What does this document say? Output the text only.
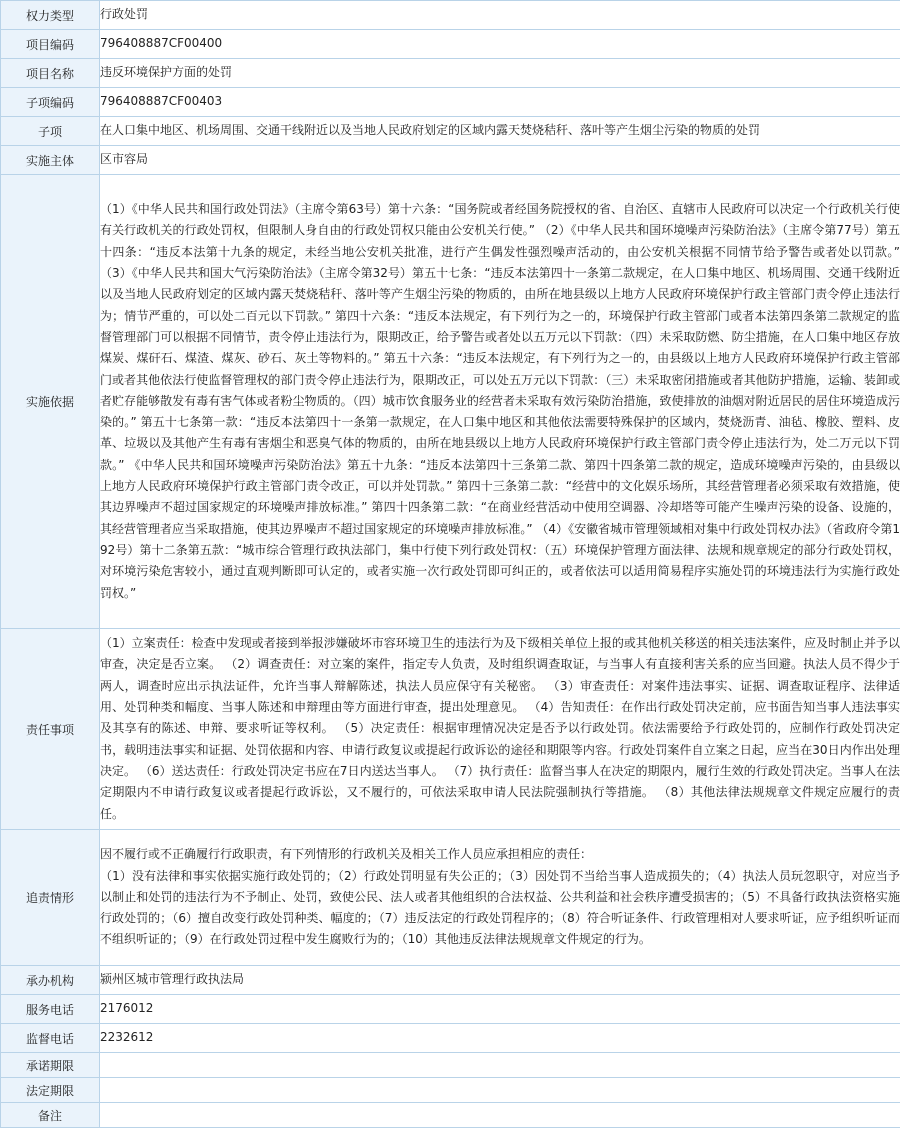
权力类型	行政处罚
项目编码	796408887CF00400
项目名称	违反环境保护方面的处罚
子项编码	796408887CF00403
子项	在人口集中地区、机场周围、交通干线附近以及当地人民政府划定的区域内露天焚烧秸秆、落叶等产生烟尘污染的物质的处罚
实施主体	区市容局
实施依据	（1）《中华人民共和国行政处罚法》（主席令第63号）第十六条：“国务院或者经国务院授权的省、自治区、直辖市人民政府可以决定一个行政机关行使有关行政机关的行政处罚权，但限制人身自由的行政处罚权只能由公安机关行使。” （2）《中华人民共和国环境噪声污染防治法》（主席令第77号）第五十四条：“违反本法第十九条的规定，未经当地公安机关批准，进行产生偶发性强烈噪声活动的，由公安机关根据不同情节给予警告或者处以罚款。” （3）《中华人民共和国大气污染防治法》（主席令第32号）第五十七条：“违反本法第四十一条第二款规定，在人口集中地区、机场周围、交通干线附近以及当地人民政府划定的区域内露天焚烧秸秆、落叶等产生烟尘污染的物质的，由所在地县级以上地方人民政府环境保护行政主管部门责令停止违法行为；情节严重的，可以处二百元以下罚款。” 第四十六条：“违反本法规定，有下列行为之一的，环境保护行政主管部门或者本法第四条第二款规定的监督管理部门可以根据不同情节，责令停止违法行为，限期改正，给予警告或者处以五万元以下罚款：（四）未采取防燃、防尘措施，在人口集中地区存放煤炭、煤矸石、煤渣、煤灰、砂石、灰土等物料的。” 第五十六条：“违反本法规定，有下列行为之一的，由县级以上地方人民政府环境保护行政主管部门或者其他依法行使监督管理权的部门责令停止违法行为，限期改正，可以处五万元以下罚款：（三）未采取密闭措施或者其他防护措施，运输、装卸或者贮存能够散发有毒有害气体或者粉尘物质的。（四）城市饮食服务业的经营者未采取有效污染防治措施，致使排放的油烟对附近居民的居住环境造成污染的。” 第五十七条第一款：“违反本法第四十一条第一款规定，在人口集中地区和其他依法需要特殊保护的区域内，焚烧沥青、油毡、橡胶、塑料、皮革、垃圾以及其他产生有毒有害烟尘和恶臭气体的物质的，由所在地县级以上地方人民政府环境保护行政主管部门责令停止违法行为，处二万元以下罚款。” 《中华人民共和国环境噪声污染防治法》第五十九条：“违反本法第四十三条第二款、第四十四条第二款的规定，造成环境噪声污染的，由县级以上地方人民政府环境保护行政主管部门责令改正，可以并处罚款。” 第四十三条第二款：“经营中的文化娱乐场所，其经营管理者必须采取有效措施，使其边界噪声不超过国家规定的环境噪声排放标准。” 第四十四条第二款：“在商业经营活动中使用空调器、冷却塔等可能产生噪声污染的设备、设施的，其经营管理者应当采取措施，使其边界噪声不超过国家规定的环境噪声排放标准。” （4）《安徽省城市管理领域相对集中行政处罚权办法》（省政府令第192号）第十二条第五款：“城市综合管理行政执法部门，集中行使下列行政处罚权：（五）环境保护管理方面法律、法规和规章规定的部分行政处罚权，对环境污染危害较小，通过直观判断即可认定的，或者实施一次行政处罚即可纠正的，或者依法可以适用简易程序实施处罚的环境违法行为实施行政处罚权。”
责任事项	（1）立案责任：检查中发现或者接到举报涉嫌破坏市容环境卫生的违法行为及下级相关单位上报的或其他机关移送的相关违法案件，应及时制止并予以审查，决定是否立案。 （2）调查责任：对立案的案件，指定专人负责，及时组织调查取证，与当事人有直接利害关系的应当回避。执法人员不得少于两人，调查时应出示执法证件，允许当事人辩解陈述，执法人员应保守有关秘密。 （3）审查责任：对案件违法事实、证据、调查取证程序、法律适用、处罚种类和幅度、当事人陈述和申辩理由等方面进行审查，提出处理意见。 （4）告知责任：在作出行政处罚决定前，应书面告知当事人违法事实及其享有的陈述、申辩、要求听证等权利。 （5）决定责任：根据审理情况决定是否予以行政处罚。依法需要给予行政处罚的，应制作行政处罚决定书，载明违法事实和证据、处罚依据和内容、申请行政复议或提起行政诉讼的途径和期限等内容。行政处罚案件自立案之日起，应当在30日内作出处理决定。 （6）送达责任：行政处罚决定书应在7日内送达当事人。 （7）执行责任：监督当事人在决定的期限内，履行生效的行政处罚决定。当事人在法定期限内不申请行政复议或者提起行政诉讼，又不履行的，可依法采取申请人民法院强制执行等措施。 （8）其他法律法规规章文件规定应履行的责任。
追责情形	因不履行或不正确履行行政职责，有下列情形的行政机关及相关工作人员应承担相应的责任：
（1）没有法律和事实依据实施行政处罚的；（2）行政处罚明显有失公正的；（3）因处罚不当给当事人造成损失的；（4）执法人员玩忽职守，对应当予以制止和处罚的违法行为不予制止、处罚，致使公民、法人或者其他组织的合法权益、公共利益和社会秩序遭受损害的；（5）不具备行政执法资格实施行政处罚的；（6）擅自改变行政处罚种类、幅度的；（7）违反法定的行政处罚程序的；（8）符合听证条件、行政管理相对人要求听证，应予组织听证而不组织听证的；（9）在行政处罚过程中发生腐败行为的；（10）其他违反法律法规规章文件规定的行为。
承办机构	颍州区城市管理行政执法局
服务电话	2176012
监督电话	2232612
承诺期限	
法定期限	
备注	
